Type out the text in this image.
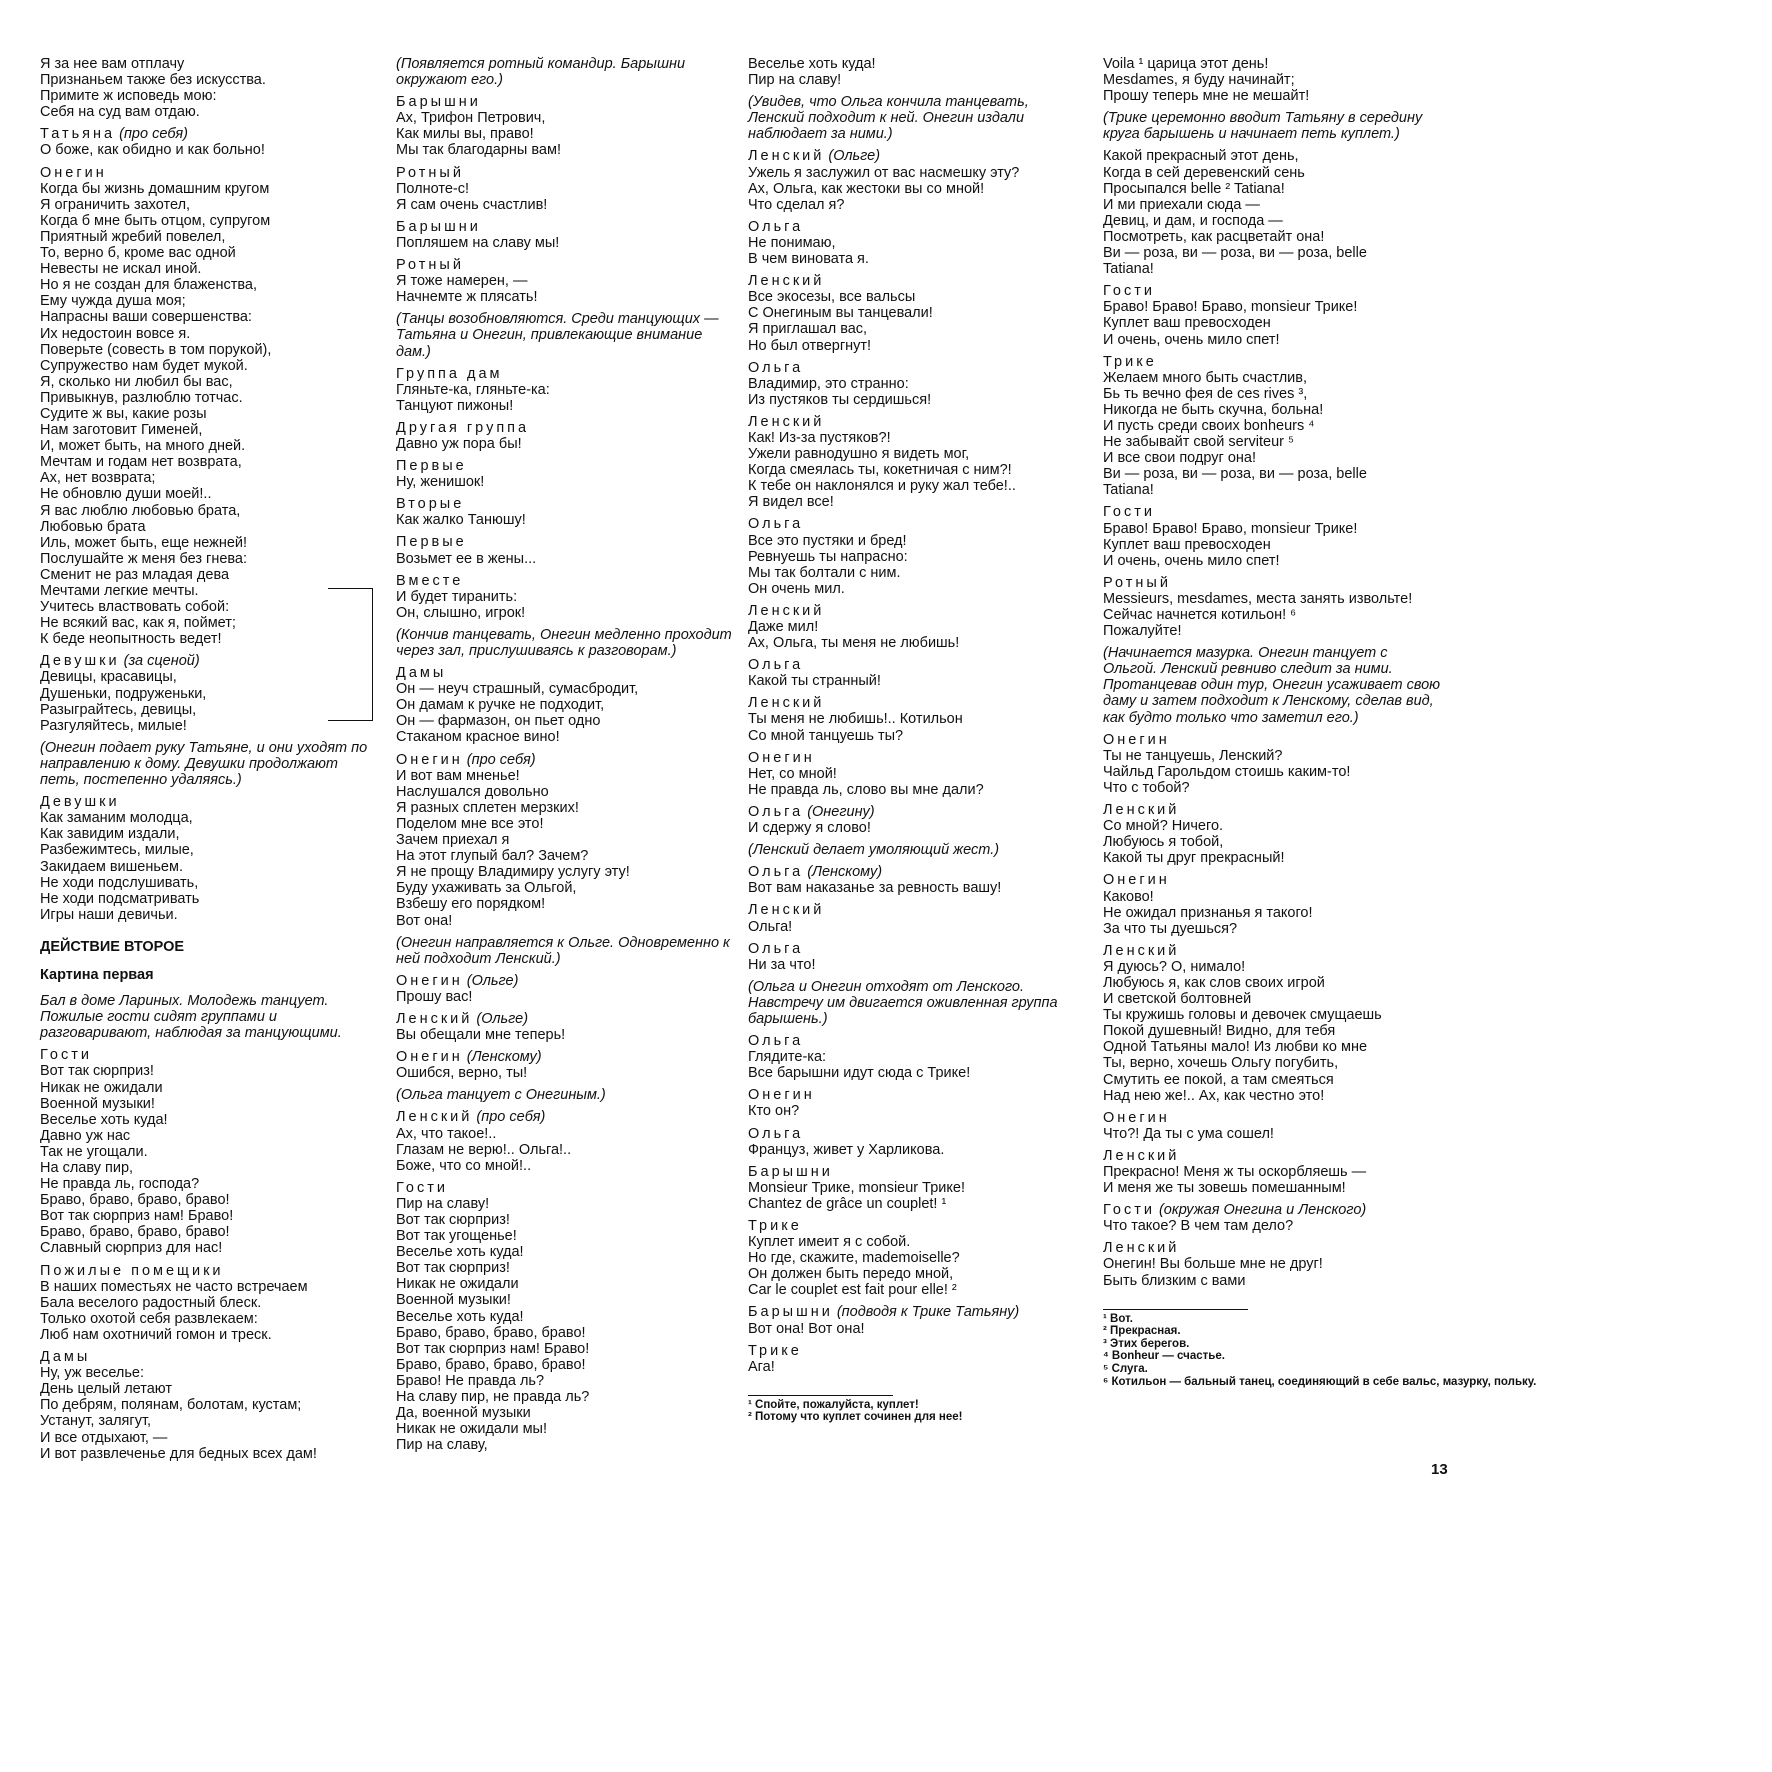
Я за нее вам отплачу
Признаньем также без искусства.
Примите ж исповедь мою:
Себя на суд вам отдаю.
Татьяна (про себя)
О боже, как обидно и как больно!
Онегин
Когда бы жизнь домашним кругом
Я ограничить захотел,
Когда б мне быть отцом, супругом
Приятный жребий повелел,
То, верно б, кроме вас одной
Невесты не искал иной.
Но я не создан для блаженства,
Ему чужда душа моя;
Напрасны ваши совершенства:
Их недостоин вовсе я.
Поверьте (совесть в том порукой),
Супружество нам будет мукой.
Я, сколько ни любил бы вас,
Привыкнув, разлюблю тотчас.
Судите ж вы, какие розы
Нам заготовит Гименей,
И, может быть, на много дней.
Мечтам и годам нет возврата,
Ах, нет возврата;
Не обновлю души моей!..
Я вас люблю любовью брата,
Любовью брата
Иль, может быть, еще нежней!
Послушайте ж меня без гнева:
Сменит не раз младая дева
Мечтами легкие мечты.
Учитесь властвовать собой:
Не всякий вас, как я, поймет;
К беде неопытность ведет!
Девушки (за сценой)
Девицы, красавицы,
Душеньки, подруженьки,
Разыграйтесь, девицы,
Разгуляйтесь, милые!
(Онегин подает руку Татьяне, и они уходят по направлению к дому. Девушки продолжают петь, постепенно удаляясь.)
Девушки
Как заманим молодца,
Как завидим издали,
Разбежимтесь, милые,
Закидаем вишеньем.
Не ходи подслушивать,
Не ходи подсматривать
Игры наши девичьи.
ДЕЙСТВИЕ ВТОРОЕ
Картина первая
Бал в доме Лариных. Молодежь танцует. Пожилые гости сидят группами и разговаривают, наблюдая за танцующими.
Гости
Вот так сюрприз!
Никак не ожидали
Военной музыки!
Веселье хоть куда!
Давно уж нас
Так не угощали.
На славу пир,
Не правда ль, господа?
Браво, браво, браво, браво!
Вот так сюрприз нам! Браво!
Браво, браво, браво, браво!
Славный сюрприз для нас!
Пожилые помещики
В наших поместьях не часто встречаем
Бала веселого радостный блеск.
Только охотой себя развлекаем:
Люб нам охотничий гомон и треск.
Дамы
Ну, уж веселье:
День целый летают
По дебрям, полянам, болотам, кустам;
Устанут, залягут,
И все отдыхают, —
И вот развлеченье для бедных всех дам!
(Появляется ротный командир. Барышни окружают его.)
Барышни
Ах, Трифон Петрович,
Как милы вы, право!
Мы так благодарны вам!
Ротный
Полноте-с!
Я сам очень счастлив!
Барышни
Попляшем на славу мы!
Ротный
Я тоже намерен, —
Начнемте ж плясать!
(Танцы возобновляются. Среди танцующих — Татьяна и Онегин, привлекающие внимание дам.)
Группа дам
Гляньте-ка, гляньте-ка:
Танцуют пижоны!
Другая группа
Давно уж пора бы!
Первые
Ну, женишок!
Вторые
Как жалко Танюшу!
Первые
Возьмет ее в жены...
Вместе
И будет тиранить:
Он, слышно, игрок!
(Кончив танцевать, Онегин медленно проходит через зал, прислушиваясь к разговорам.)
Дамы
Он — неуч страшный, сумасбродит,
Он дамам к ручке не подходит,
Он — фармазон, он пьет одно
Стаканом красное вино!
Онегин (про себя)
И вот вам мненье!
Наслушался довольно
Я разных сплетен мерзких!
Поделом мне все это!
Зачем приехал я
На этот глупый бал? Зачем?
Я не прощу Владимиру услугу эту!
Буду ухаживать за Ольгой,
Взбешу его порядком!
Вот она!
(Онегин направляется к Ольге. Одновременно к ней подходит Ленский.)
Онегин (Ольге)
Прошу вас!
Ленский (Ольге)
Вы обещали мне теперь!
Онегин (Ленскому)
Ошибся, верно, ты!
(Ольга танцует с Онегиным.)
Ленский (про себя)
Ах, что такое!..
Глазам не верю!.. Ольга!..
Боже, что со мной!..
Гости
Пир на славу!
Вот так сюрприз!
Вот так угощенье!
Веселье хоть куда!
Вот так сюрприз!
Никак не ожидали
Военной музыки!
Веселье хоть куда!
Браво, браво, браво, браво!
Вот так сюрприз нам! Браво!
Браво, браво, браво, браво!
Браво! Не правда ль?
На славу пир, не правда ль?
Да, военной музыки
Никак не ожидали мы!
Пир на славу,
Веселье хоть куда!
Пир на славу!
(Увидев, что Ольга кончила танцевать, Ленский подходит к ней. Онегин издали наблюдает за ними.)
Ленский (Ольге)
Ужель я заслужил от вас насмешку эту?
Ах, Ольга, как жестоки вы со мной!
Что сделал я?
Ольга
Не понимаю,
В чем виновата я.
Ленский
Все экосезы, все вальсы
С Онегиным вы танцевали!
Я приглашал вас,
Но был отвергнут!
Ольга
Владимир, это странно:
Из пустяков ты сердишься!
Ленский
Как! Из-за пустяков?!
Ужели равнодушно я видеть мог,
Когда смеялась ты, кокетничая с ним?!
К тебе он наклонялся и руку жал тебе!..
Я видел все!
Ольга
Все это пустяки и бред!
Ревнуешь ты напрасно:
Мы так болтали с ним.
Он очень мил.
Ленский
Даже мил!
Ах, Ольга, ты меня не любишь!
Ольга
Какой ты странный!
Ленский
Ты меня не любишь!.. Котильон
Со мной танцуешь ты?
Онегин
Нет, со мной!
Не правда ль, слово вы мне дали?
Ольга (Онегину)
И сдержу я слово!
(Ленский делает умоляющий жест.)
Ольга (Ленскому)
Вот вам наказанье за ревность вашу!
Ленский
Ольга!
Ольга
Ни за что!
(Ольга и Онегин отходят от Ленского. Навстречу им двигается оживленная группа барышень.)
Ольга
Глядите-ка:
Все барышни идут сюда с Трике!
Онегин
Кто он?
Ольга
Француз, живет у Харликова.
Барышни
Monsieur Трике, monsieur Трике!
Chantez de grâce un couplet! ¹
Трике
Куплет имеит я с собой.
Но где, скажите, mademoiselle?
Он должен быть передо мной,
Car le couplet est fait pour elle! ²
Барышни (подводя к Трике Татьяну)
Вот она! Вот она!
Трике
Ага!
¹ Спойте, пожалуйста, куплет!
² Потому что куплет сочинен для нее!
Voila ¹ царица этот день!
Mesdames, я буду начинайт;
Прошу теперь мне не мешайт!
(Трике церемонно вводит Татьяну в середину круга барышень и начинает петь куплет.)
Какой прекрасный этот день,
Когда в сей деревенский сень
Просыпался belle ² Tatiana!
И ми приехали сюда —
Девиц, и дам, и господа —
Посмотреть, как расцветайт она!
Ви — роза, ви — роза, ви — роза, belle
Tatiana!
Гости
Браво! Браво! Браво, monsieur Трике!
Куплет ваш превосходен
И очень, очень мило спет!
Трике
Желаем много быть счастлив,
Бь ть вечно фея de ces rives ³,
Никогда не быть скучна, больна!
И пусть среди своих bonheurs ⁴
Не забывайт свой serviteur ⁵
И все свои подруг она!
Ви — роза, ви — роза, ви — роза, belle
Tatiana!
Гости
Браво! Браво! Браво, monsieur Трике!
Куплет ваш превосходен
И очень, очень мило спет!
Ротный
Messieurs, mesdames, места занять извольте!
Сейчас начнется котильон! ⁶
Пожалуйте!
(Начинается мазурка. Онегин танцует с Ольгой. Ленский ревниво следит за ними. Протанцевав один тур, Онегин усаживает свою даму и затем подходит к Ленскому, сделав вид, как будто только что заметил его.)
Онегин
Ты не танцуешь, Ленский?
Чайльд Гарольдом стоишь каким-то!
Что с тобой?
Ленский
Со мной? Ничего.
Любуюсь я тобой,
Какой ты друг прекрасный!
Онегин
Каково!
Не ожидал признанья я такого!
За что ты дуешься?
Ленский
Я дуюсь? О, нимало!
Любуюсь я, как слов своих игрой
И светской болтовней
Ты кружишь головы и девочек смущаешь
Покой душевный! Видно, для тебя
Одной Татьяны мало! Из любви ко мне
Ты, верно, хочешь Ольгу погубить,
Смутить ее покой, а там смеяться
Над нею же!.. Ах, как честно это!
Онегин
Что?! Да ты с ума сошел!
Ленский
Прекрасно! Меня ж ты оскорбляешь —
И меня же ты зовешь помешанным!
Гости (окружая Онегина и Ленского)
Что такое? В чем там дело?
Ленский
Онегин! Вы больше мне не друг!
Быть близким с вами
¹ Вот.
² Прекрасная.
³ Этих берегов.
⁴ Bonheur — счастье.
⁵ Слуга.
⁶ Котильон — бальный танец, соединяющий в себе вальс, мазурку, польку.
13
